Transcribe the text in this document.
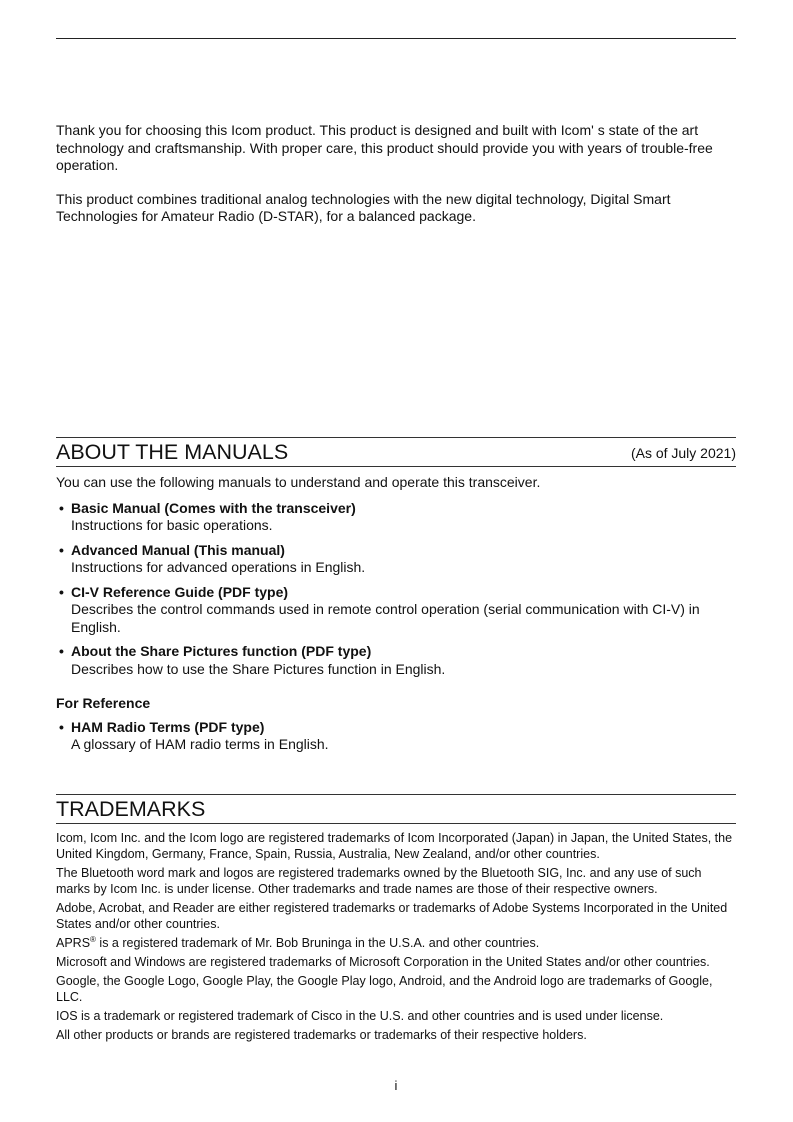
Thank you for choosing this Icom product. This product is designed and built with Icom' s state of the art technology and craftsmanship. With proper care, this product should provide you with years of trouble-free operation.

This product combines traditional analog technologies with the new digital technology, Digital Smart Technologies for Amateur Radio (D-STAR), for a balanced package.

ABOUT THE MANUALS	(As of July 2021)

You can use the following manuals to understand and operate this transceiver.

• Basic Manual (Comes with the transceiver)
Instructions for basic operations.
• Advanced Manual (This manual)
Instructions for advanced operations in English.
• CI-V Reference Guide (PDF type)
Describes the control commands used in remote control operation (serial communication with CI-V) in English.
• About the Share Pictures function (PDF type)
Describes how to use the Share Pictures function in English.
For Reference
• HAM Radio Terms (PDF type)
A glossary of HAM radio terms in English.
TRADEMARKS

Icom, Icom Inc. and the Icom logo are registered trademarks of Icom Incorporated (Japan) in Japan, the United States, the United Kingdom, Germany, France, Spain, Russia, Australia, New Zealand, and/or other countries.

The Bluetooth word mark and logos are registered trademarks owned by the Bluetooth SIG, Inc. and any use of such marks by Icom Inc. is under license. Other trademarks and trade names are those of their respective owners.

Adobe, Acrobat, and Reader are either registered trademarks or trademarks of Adobe Systems Incorporated in the United States and/or other countries.

APRS® is a registered trademark of Mr. Bob Bruninga in the U.S.A. and other countries.

Microsoft and Windows are registered trademarks of Microsoft Corporation in the United States and/or other countries.

Google, the Google Logo, Google Play, the Google Play logo, Android, and the Android logo are trademarks of Google, LLC.

IOS is a trademark or registered trademark of Cisco in the U.S. and other countries and is used under license.

All other products or brands are registered trademarks or trademarks of their respective holders.

i
